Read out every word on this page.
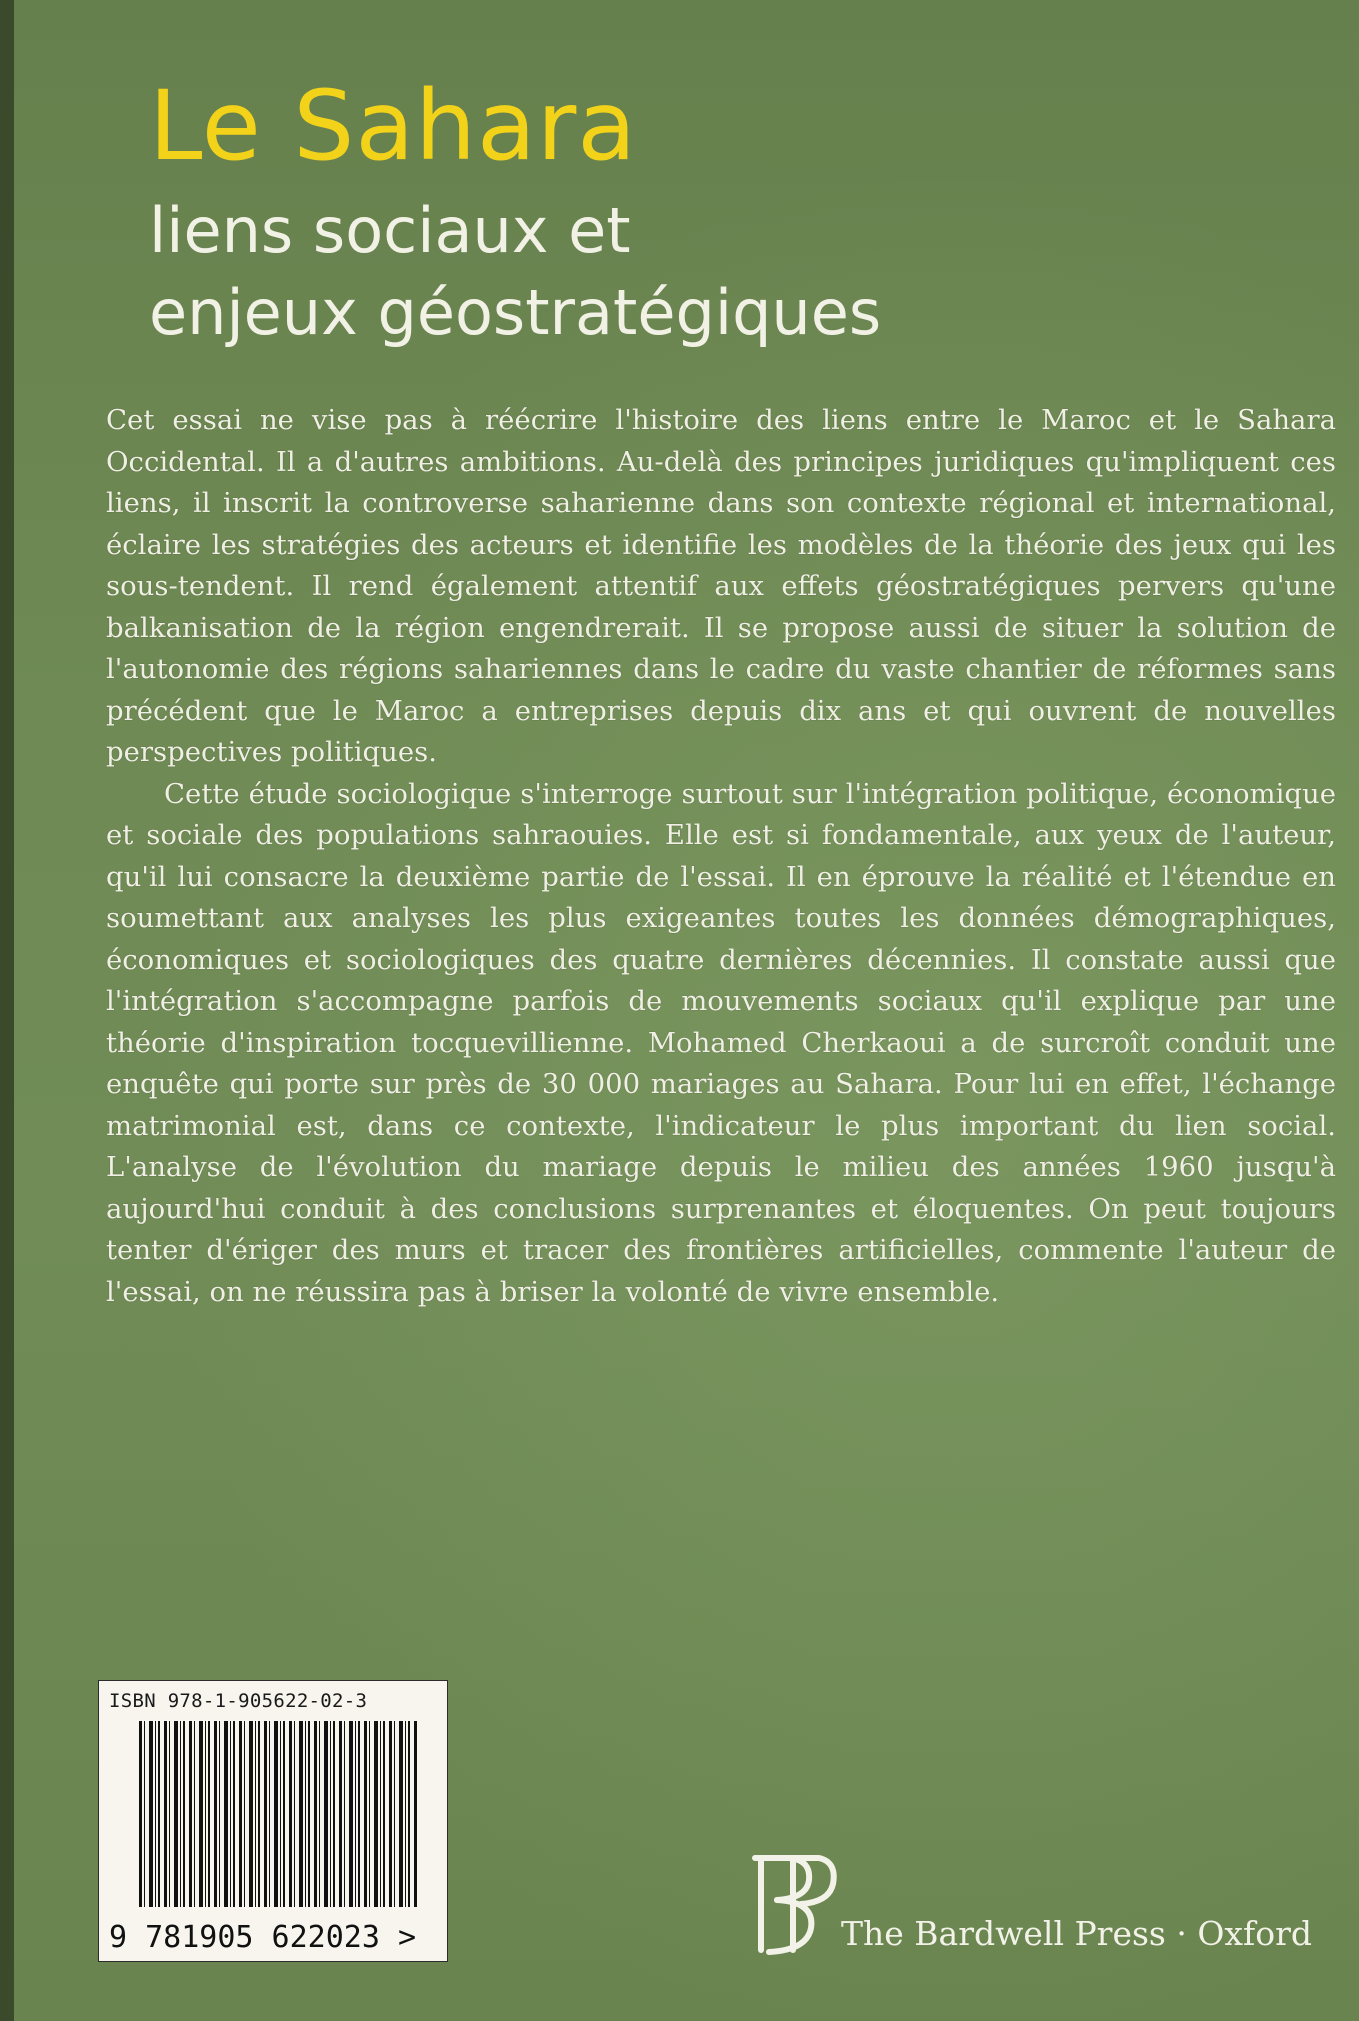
Le Sahara
liens sociaux et
enjeux géostratégiques

Cet essai ne vise pas à réécrire l'histoire des liens entre le Maroc et le Sahara Occidental. Il a d'autres ambitions. Au-delà des principes juridiques qu'impliquent ces liens, il inscrit la controverse saharienne dans son contexte régional et international, éclaire les stratégies des acteurs et identifie les modèles de la théorie des jeux qui les sous-tendent. Il rend également attentif aux effets géostratégiques pervers qu'une balkanisation de la région engendrerait. Il se propose aussi de situer la solution de l'autonomie des régions sahariennes dans le cadre du vaste chantier de réformes sans précédent que le Maroc a entreprises depuis dix ans et qui ouvrent de nouvelles perspectives politiques.

Cette étude sociologique s'interroge surtout sur l'intégration politique, économique et sociale des populations sahraouies. Elle est si fondamentale, aux yeux de l'auteur, qu'il lui consacre la deuxième partie de l'essai. Il en éprouve la réalité et l'étendue en soumettant aux analyses les plus exigeantes toutes les données démographiques, économiques et sociologiques des quatre dernières décennies. Il constate aussi que l'intégration s'accompagne parfois de mouvements sociaux qu'il explique par une théorie d'inspiration tocquevillienne. Mohamed Cherkaoui a de surcroît conduit une enquête qui porte sur près de 30 000 mariages au Sahara. Pour lui en effet, l'échange matrimonial est, dans ce contexte, l'indicateur le plus important du lien social. L'analyse de l'évolution du mariage depuis le milieu des années 1960 jusqu'à aujourd'hui conduit à des conclusions surprenantes et éloquentes. On peut toujours tenter d'ériger des murs et tracer des frontières artificielles, commente l'auteur de l'essai, on ne réussira pas à briser la volonté de vivre ensemble.

ISBN 978-1-905622-02-3
9 781905 622023 >	The Bardwell Press · Oxford
